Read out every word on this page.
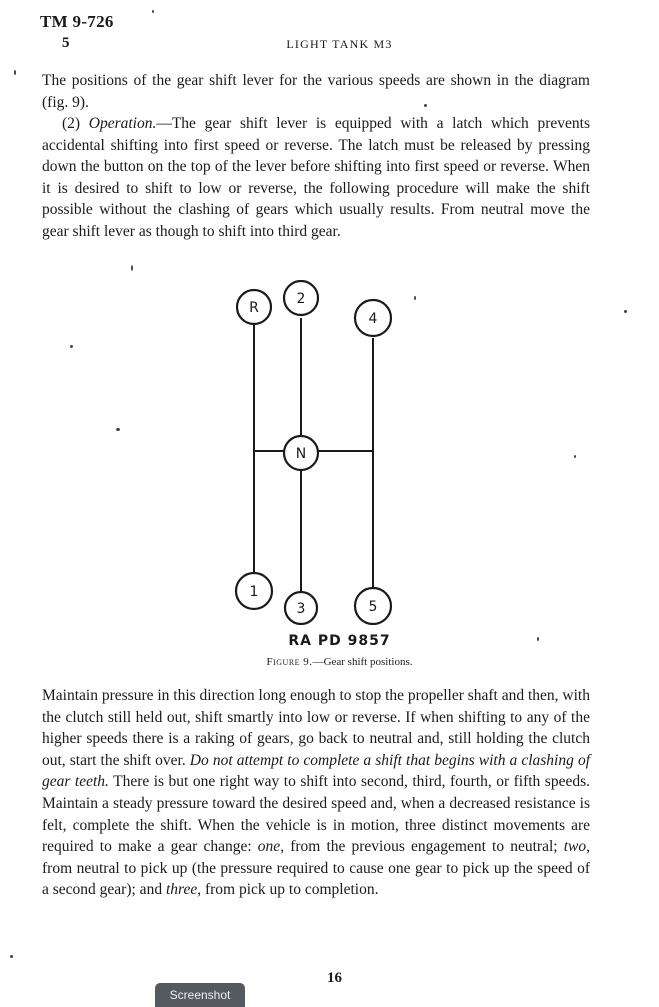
TM 9-726
5	LIGHT TANK M3

The positions of the gear shift lever for the various speeds are shown in the diagram (fig. 9).

(2) Operation.—The gear shift lever is equipped with a latch which prevents accidental shifting into first speed or reverse. The latch must be released by pressing down the button on the top of the lever before shifting into first speed or reverse. When it is desired to shift to low or reverse, the following procedure will make the shift possible without the clashing of gears which usually results. From neutral move the gear shift lever as though to shift into third gear.

R
2
4
N
1
3	5
RA PD 9857
Figure 9.—Gear shift positions.

Maintain pressure in this direction long enough to stop the propeller shaft and then, with the clutch still held out, shift smartly into low or reverse. If when shifting to any of the higher speeds there is a raking of gears, go back to neutral and, still holding the clutch out, start the shift over. Do not attempt to complete a shift that begins with a clashing of gear teeth. There is but one right way to shift into second, third, fourth, or fifth speeds. Maintain a steady pressure toward the desired speed and, when a decreased resistance is felt, complete the shift. When the vehicle is in motion, three distinct movements are required to make a gear change: one, from the previous engagement to neutral; two, from neutral to pick up (the pressure required to cause one gear to pick up the speed of a second gear); and three, from pick up to completion.

16
Screenshot
